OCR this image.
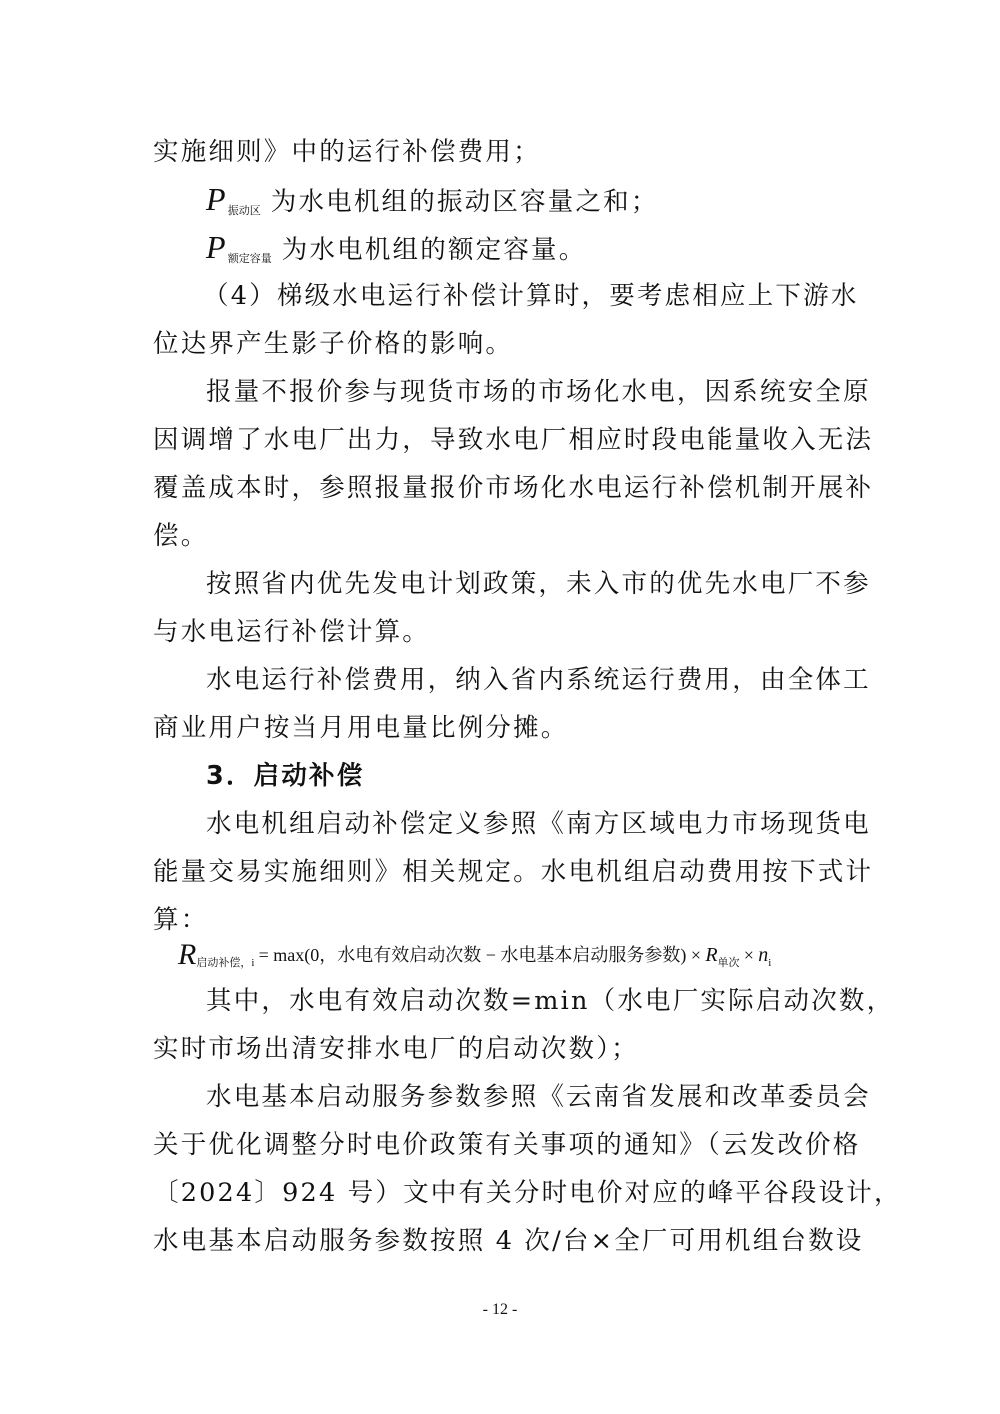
实施细则》中的运行补偿费用；
P振动区 为水电机组的振动区容量之和；
P额定容量 为水电机组的额定容量。
（4）梯级水电运行补偿计算时，要考虑相应上下游水
位达界产生影子价格的影响。
报量不报价参与现货市场的市场化水电，因系统安全原
因调增了水电厂出力，导致水电厂相应时段电能量收入无法
覆盖成本时，参照报量报价市场化水电运行补偿机制开展补
偿。
按照省内优先发电计划政策，未入市的优先水电厂不参
与水电运行补偿计算。
水电运行补偿费用，纳入省内系统运行费用，由全体工
商业用户按当月用电量比例分摊。
3．启动补偿
水电机组启动补偿定义参照《南方区域电力市场现货电
能量交易实施细则》相关规定。水电机组启动费用按下式计
算：
$R_{启动补偿,i} = \max(0$，水电有效启动次数 − 水电基本启动服务参数) × $R_{单次} \times n_i$
其中，水电有效启动次数=min（水电厂实际启动次数，
实时市场出清安排水电厂的启动次数）；
水电基本启动服务参数参照《云南省发展和改革委员会
关于优化调整分时电价政策有关事项的通知》（云发改价格
〔2024〕924 号）文中有关分时电价对应的峰平谷段设计，
水电基本启动服务参数按照 4 次/台×全厂可用机组台数设
- 12 -
